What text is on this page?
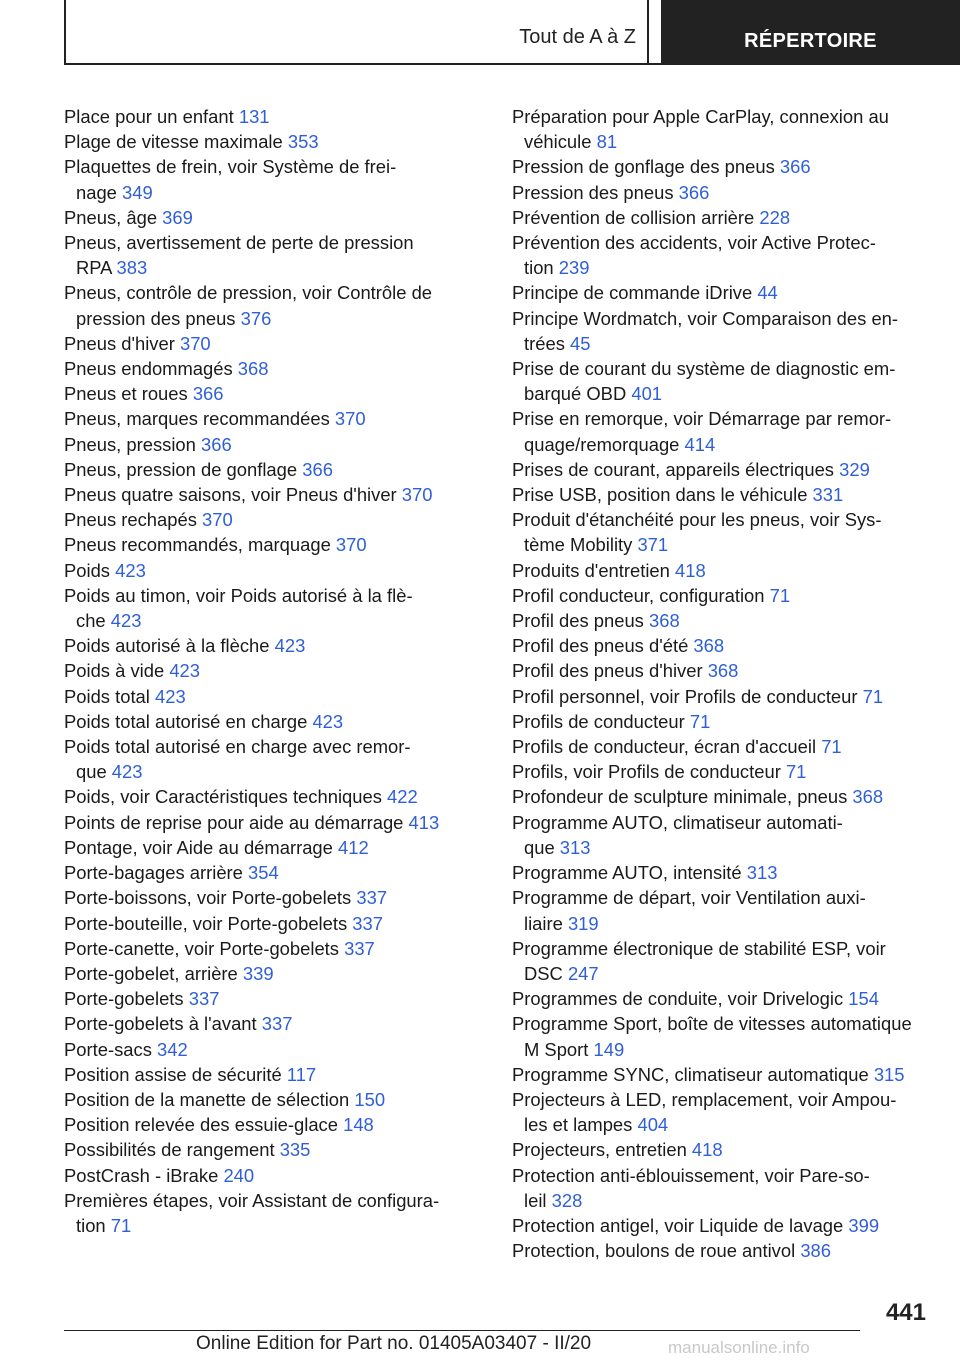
Tout de A à Z	RÉPERTOIRE
Place pour un enfant 131
Plage de vitesse maximale 353
Plaquettes de frein, voir Système de frei-
nage 349
Pneus, âge 369
Pneus, avertissement de perte de pression
RPA 383
Pneus, contrôle de pression, voir Contrôle de
pression des pneus 376
Pneus d'hiver 370
Pneus endommagés 368
Pneus et roues 366
Pneus, marques recommandées 370
Pneus, pression 366
Pneus, pression de gonflage 366
Pneus quatre saisons, voir Pneus d'hiver 370
Pneus rechapés 370
Pneus recommandés, marquage 370
Poids 423
Poids au timon, voir Poids autorisé à la flè-
che 423
Poids autorisé à la flèche 423
Poids à vide 423
Poids total 423
Poids total autorisé en charge 423
Poids total autorisé en charge avec remor-
que 423
Poids, voir Caractéristiques techniques 422
Points de reprise pour aide au démarrage 413
Pontage, voir Aide au démarrage 412
Porte-bagages arrière 354
Porte-boissons, voir Porte-gobelets 337
Porte-bouteille, voir Porte-gobelets 337
Porte-canette, voir Porte-gobelets 337
Porte-gobelet, arrière 339
Porte-gobelets 337
Porte-gobelets à l'avant 337
Porte-sacs 342
Position assise de sécurité 117
Position de la manette de sélection 150
Position relevée des essuie-glace 148
Possibilités de rangement 335
PostCrash - iBrake 240
Premières étapes, voir Assistant de configura-
tion 71
Préparation pour Apple CarPlay, connexion au
véhicule 81
Pression de gonflage des pneus 366
Pression des pneus 366
Prévention de collision arrière 228
Prévention des accidents, voir Active Protec-
tion 239
Principe de commande iDrive 44
Principe Wordmatch, voir Comparaison des en-
trées 45
Prise de courant du système de diagnostic em-
barqué OBD 401
Prise en remorque, voir Démarrage par remor-
quage/remorquage 414
Prises de courant, appareils électriques 329
Prise USB, position dans le véhicule 331
Produit d'étanchéité pour les pneus, voir Sys-
tème Mobility 371
Produits d'entretien 418
Profil conducteur, configuration 71
Profil des pneus 368
Profil des pneus d'été 368
Profil des pneus d'hiver 368
Profil personnel, voir Profils de conducteur 71
Profils de conducteur 71
Profils de conducteur, écran d'accueil 71
Profils, voir Profils de conducteur 71
Profondeur de sculpture minimale, pneus 368
Programme AUTO, climatiseur automati-
que 313
Programme AUTO, intensité 313
Programme de départ, voir Ventilation auxi-
liaire 319
Programme électronique de stabilité ESP, voir
DSC 247
Programmes de conduite, voir Drivelogic 154
Programme Sport, boîte de vitesses automatique
M Sport 149
Programme SYNC, climatiseur automatique 315
Projecteurs à LED, remplacement, voir Ampou-
les et lampes 404
Projecteurs, entretien 418
Protection anti-éblouissement, voir Pare-so-
leil 328
Protection antigel, voir Liquide de lavage 399
Protection, boulons de roue antivol 386
441
Online Edition for Part no. 01405A03407 - II/20	manualsonline.info
